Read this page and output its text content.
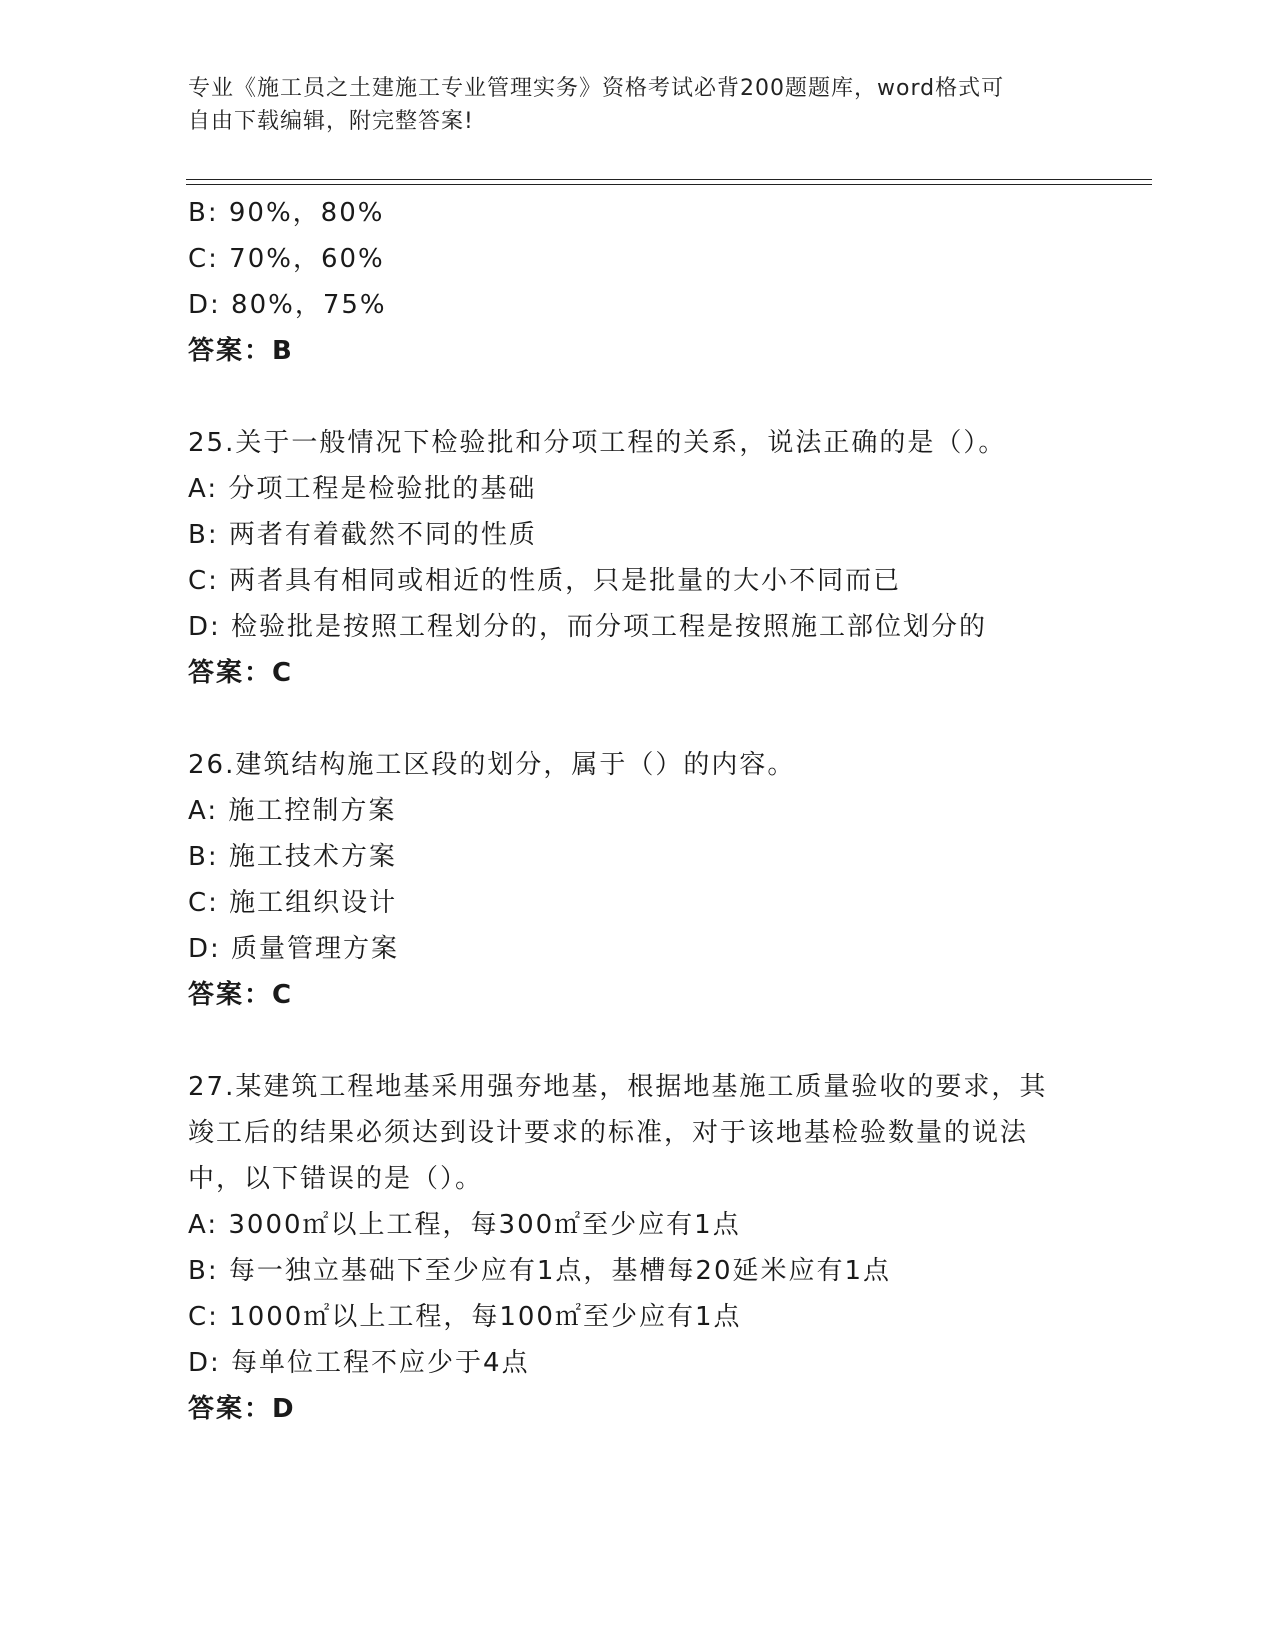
专业《施工员之土建施工专业管理实务》资格考试必背200题题库，word格式可
自由下载编辑，附完整答案!
B: 90%，80%
C: 70%，60%
D: 80%，75%
答案：B
25.关于一般情况下检验批和分项工程的关系，说法正确的是（）。
A: 分项工程是检验批的基础
B: 两者有着截然不同的性质
C: 两者具有相同或相近的性质，只是批量的大小不同而已
D: 检验批是按照工程划分的，而分项工程是按照施工部位划分的
答案：C
26.建筑结构施工区段的划分，属于（）的内容。
A: 施工控制方案
B: 施工技术方案
C: 施工组织设计
D: 质量管理方案
答案：C
27.某建筑工程地基采用强夯地基，根据地基施工质量验收的要求，其
竣工后的结果必须达到设计要求的标准，对于该地基检验数量的说法
中，以下错误的是（）。
A: 3000㎡以上工程，每300㎡至少应有1点
B: 每一独立基础下至少应有1点，基槽每20延米应有1点
C: 1000㎡以上工程，每100㎡至少应有1点
D: 每单位工程不应少于4点
答案：D
